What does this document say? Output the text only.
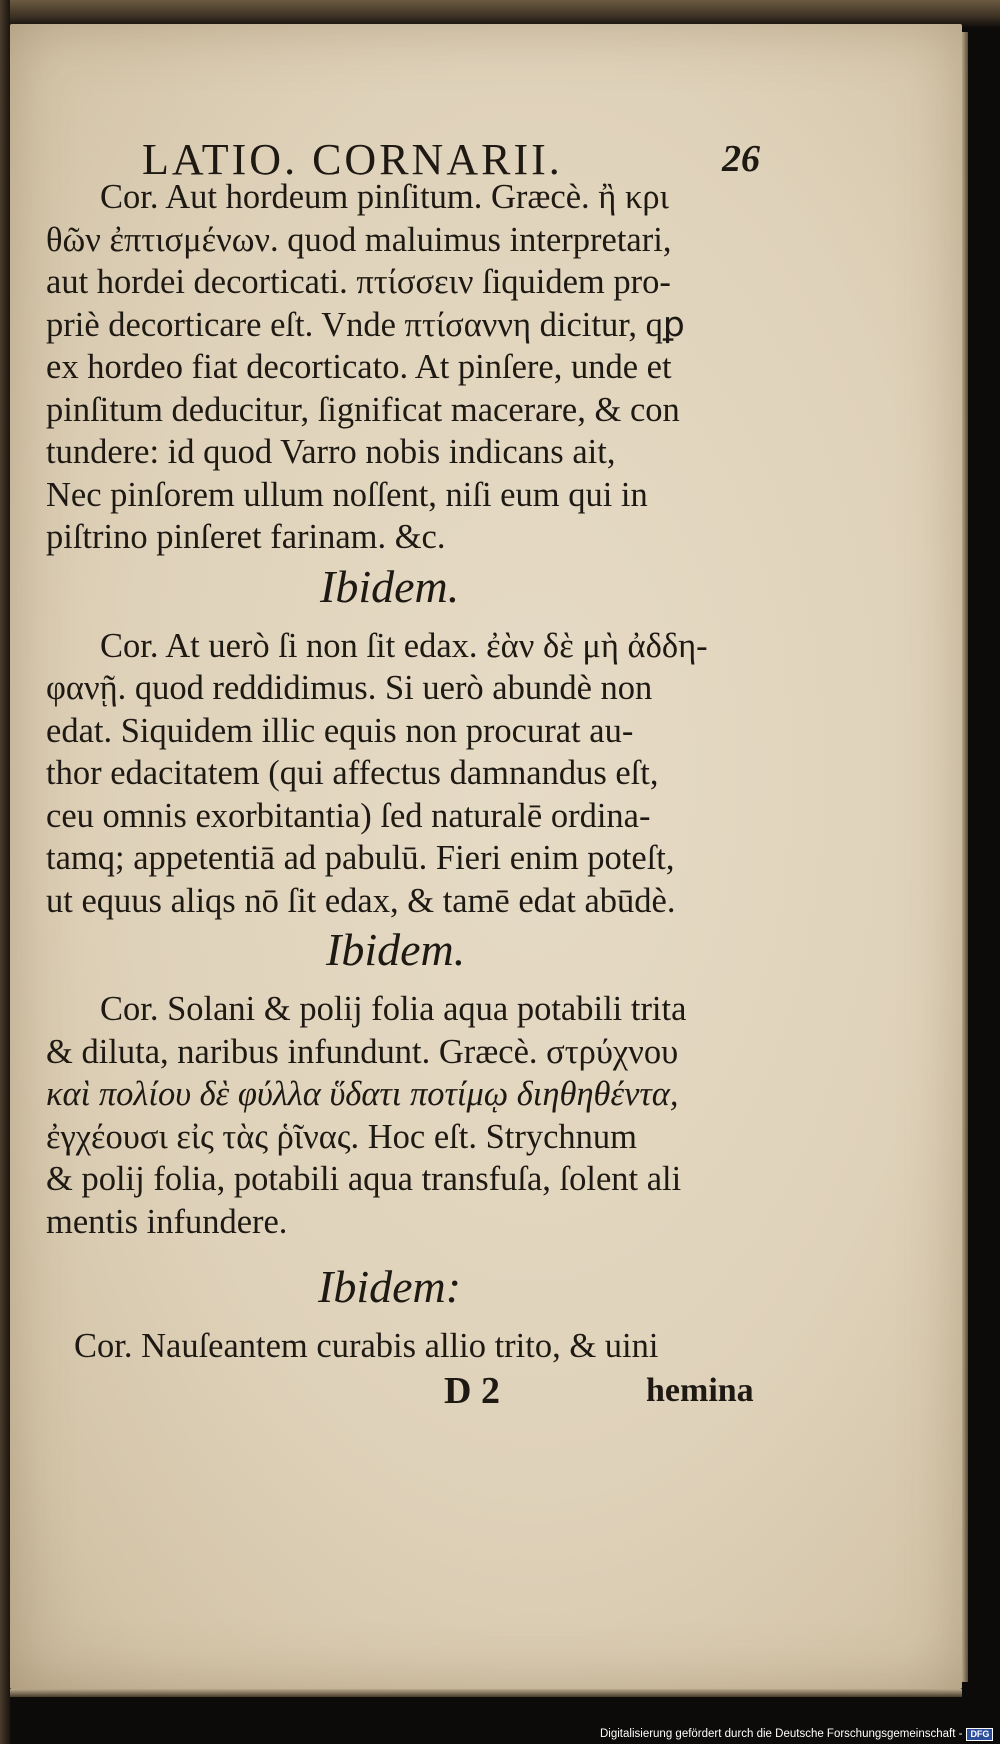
LATIO. CORNARII.	26
Cor. Aut hordeum pinſitum. Græcè. ἢ κρι
θῶν ἐπτισμένων. quod maluimus interpretari,
aut hordei decorticati. πτίσσειν ſiquidem pro-
priè decorticare eſt. Vnde πτίσαννη dicitur, qꝑ
ex hordeo fiat decorticato. At pinſere, unde et
pinſitum deducitur, ſignificat macerare, & con
tundere: id quod Varro nobis indicans ait,
Nec pinſorem ullum noſſent, niſi eum qui in
piſtrino pinſeret farinam. &c.
Ibidem.
Cor. At uerò ſi non ſit edax. ἐὰν δὲ μὴ ἀδδη-
φανῇ. quod reddidimus. Si uerò abundè non
edat. Siquidem illic equis non procurat au-
thor edacitatem (qui affectus damnandus eſt,
ceu omnis exorbitantia) ſed naturalē ordina-
tamq; appetentiā ad pabulū. Fieri enim poteſt,
ut equus aliqs nō ſit edax, & tamē edat abūdè.
Ibidem.
Cor. Solani & polij folia aqua potabili trita
& diluta, naribus infundunt. Græcè. στρύχνου
καὶ πολίου δὲ φύλλα ὕδατι ποτίμῳ διηθηθέντα,
ἐγχέουσι εἰς τὰς ῥῖνας. Hoc eſt. Strychnum
& polij folia, potabili aqua transfuſa, ſolent ali
mentis infundere.
Ibidem:
Cor. Nauſeantem curabis allio trito, & uini
D 2	hemina
Digitalisierung gefördert durch die Deutsche Forschungsgemeinschaft - DFG
